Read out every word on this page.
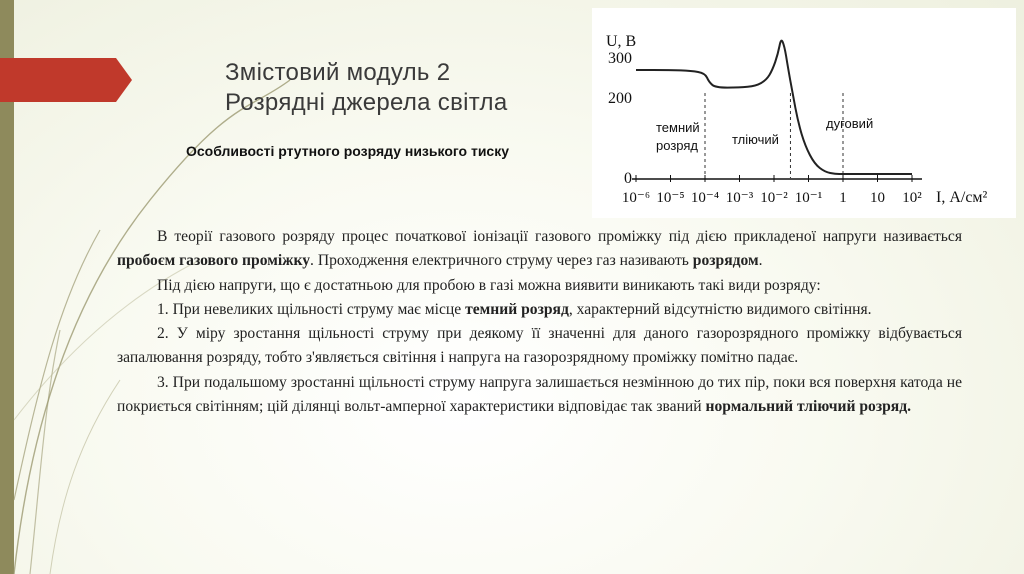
Змістовий модуль 2
Розрядні джерела світла
Особливості ртутного розряду низького тиску
10⁻⁶ 10⁻⁵ 10⁻⁴ 10⁻³ 10⁻² 10⁻¹ 1 10 10²
0
200
300
U, В
I, А/см²
темний розряд	тліючий
дуговий

В теорії газового розряду процес початкової іонізації газового проміжку під дією прикладеної напруги називається пробоєм газового проміжку. Проходження електричного струму через газ називають розрядом.

Під дією напруги, що є достатньою для пробою в газі можна виявити виникають такі види розряду:

1. При невеликих щільності струму має місце темний розряд, характерний відсутністю видимого світіння.

2. У міру зростання щільності струму при деякому її значенні для даного газорозрядного проміжку відбувається запалювання розряду, тобто з'являється світіння і напруга на газорозрядному проміжку помітно падає.

3. При подальшому зростанні щільності струму напруга залишається незмінною до тих пір, поки вся поверхня катода не покриється світінням; цій ділянці вольт-амперної характеристики відповідає так званий нормальний тліючий розряд.
